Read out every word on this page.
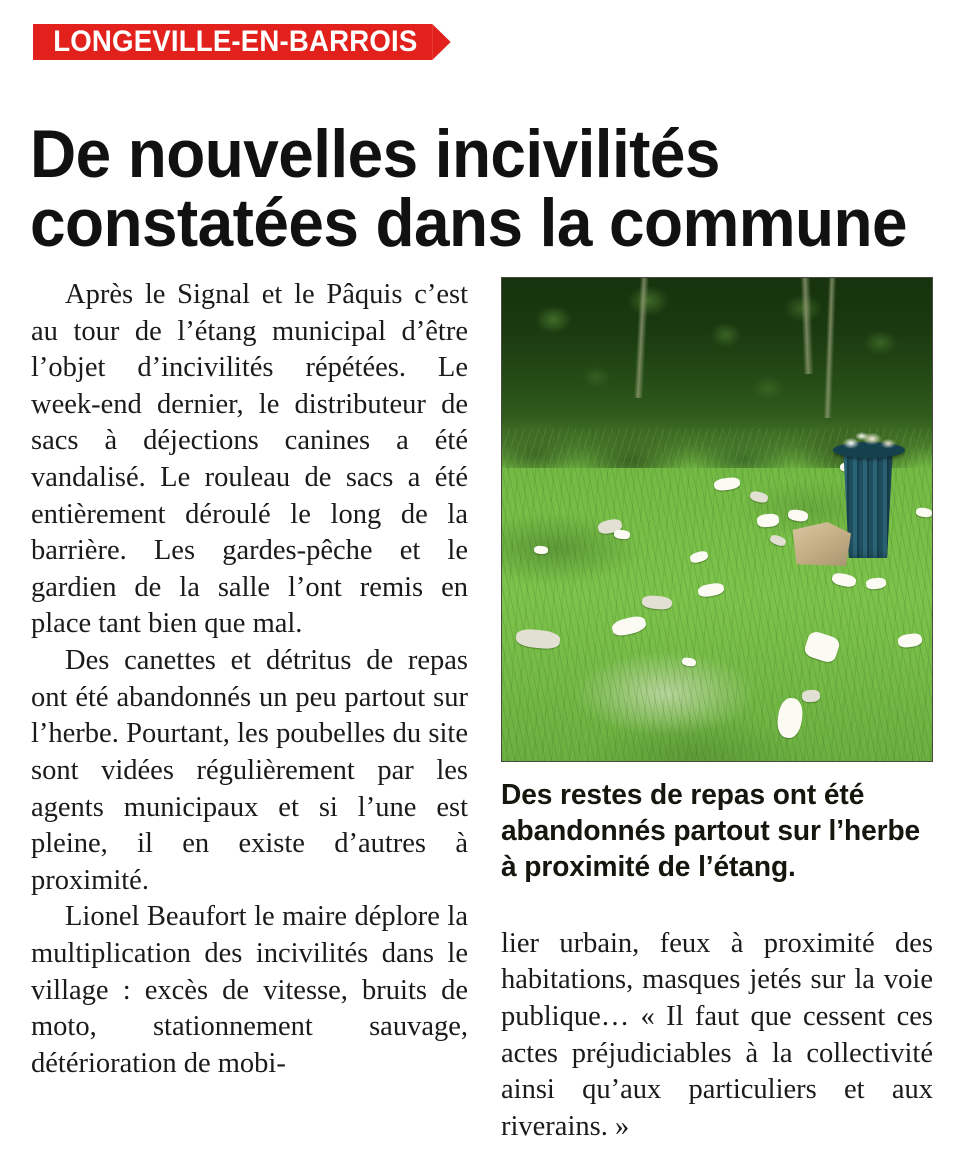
LONGEVILLE-EN-BARROIS
De nouvelles incivilités
constatées dans la commune

Après le Signal et le Pâquis c’est au tour de l’étang municipal d’être l’objet d’incivilités répétées. Le week-end dernier, le distributeur de sacs à déjections canines a été vandalisé. Le rouleau de sacs a été entièrement déroulé le long de la barrière. Les gardes-pêche et le gardien de la salle l’ont remis en place tant bien que mal.

Des canettes et détritus de repas ont été abandonnés un peu partout sur l’herbe. Pourtant, les poubelles du site sont vidées régulièrement par les agents municipaux et si l’une est pleine, il en existe d’autres à proximité.

Lionel Beaufort le maire déplore la multiplication des incivilités dans le village : excès de vitesse, bruits de moto, stationnement sauvage, détérioration de mobi-

Des restes de repas ont été
abandonnés partout sur l’herbe
à proximité de l’étang.

lier urbain, feux à proximité des habitations, masques jetés sur la voie publique… « Il faut que cessent ces actes préjudiciables à la collectivité ainsi qu’aux particuliers et aux riverains. »
